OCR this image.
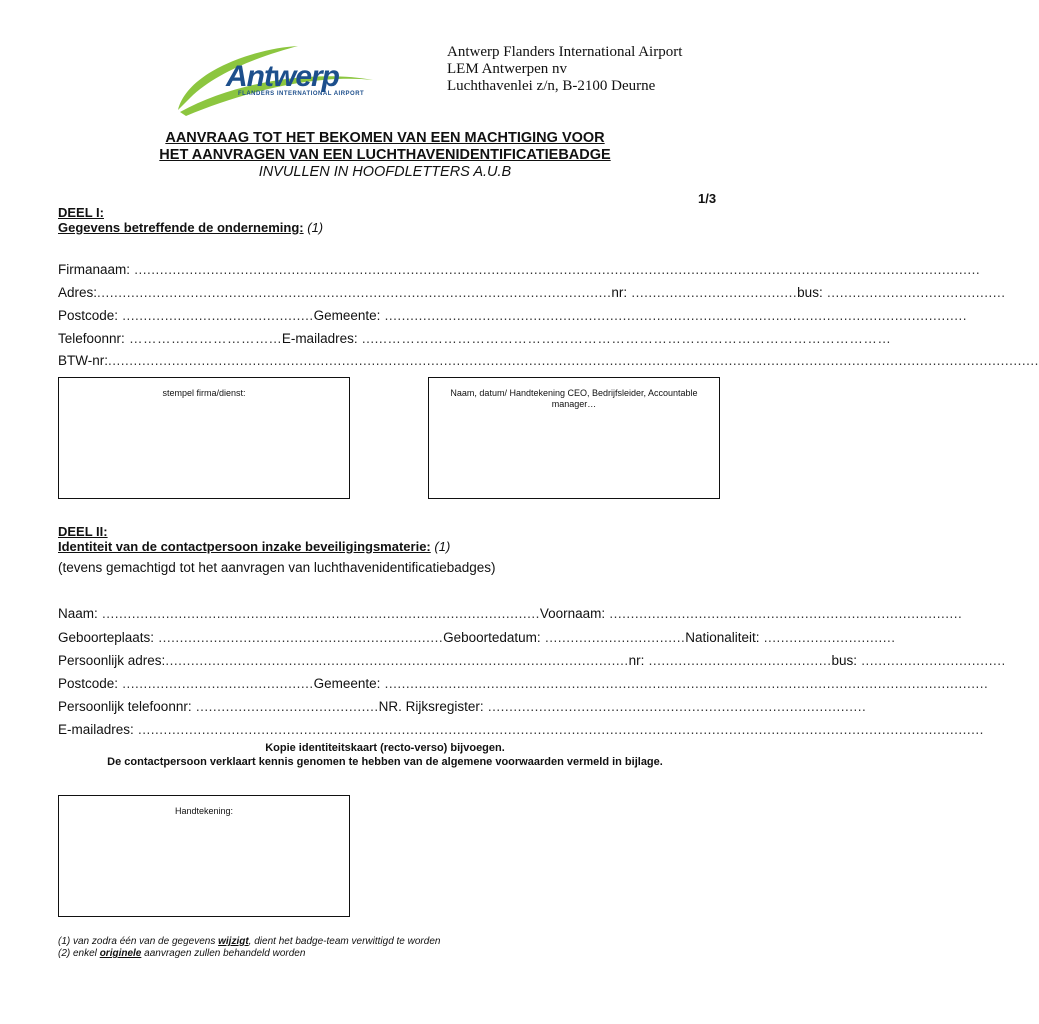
Antwerp
FLANDERS INTERNATIONAL AIRPORT
Antwerp Flanders International Airport
LEM Antwerpen nv
Luchthavenlei z/n, B-2100 Deurne
AANVRAAG TOT HET BEKOMEN VAN EEN MACHTIGING VOOR
HET AANVRAGEN VAN EEN LUCHTHAVENIDENTIFICATIEBADGE
INVULLEN IN HOOFDLETTERS A.U.B
1/3
DEEL I:
Gegevens betreffende de onderneming: (1)
Firmanaam: .......................................................................................................................................................................................................
Adres: ......................................................................................................................... nr: ....................................... bus: ..........................................
Postcode: ............................................. Gemeente: .........................................................................................................................................
Telefoonnr: …………………………... E-mailadres: ......………………………………………………………………………………………………
BTW-nr: ...........................................................................................................................................................................................................................
stempel firma/dienst:	Naam, datum/ Handtekening CEO, Bedrijfsleider, Accountable manager…
DEEL II:
Identiteit van de contactpersoon inzake beveiligingsmaterie: (1)
(tevens gemachtigd tot het aanvragen van luchthavenidentificatiebadges)
Naam: ....................................................................................................... Voornaam: ...................................................................................
Geboorteplaats: ................................................................... Geboortedatum: ................................. Nationaliteit: ...............................
Persoonlijk adres: ............................................................................................................. nr: ........................................... bus: ..................................
Postcode: ............................................. Gemeente: ..............................................................................................................................................
Persoonlijk telefoonnr: ........................................... NR. Rijksregister: .........................................................................................
E-mailadres: .......................................................................................................................................................................................................
Kopie identiteitskaart (recto-verso) bijvoegen.
De contactpersoon verklaart kennis genomen te hebben van de algemene voorwaarden vermeld in bijlage.
Handtekening:
(1) van zodra één van de gegevens wijzigt, dient het badge-team verwittigd te worden
(2) enkel originele aanvragen zullen behandeld worden
